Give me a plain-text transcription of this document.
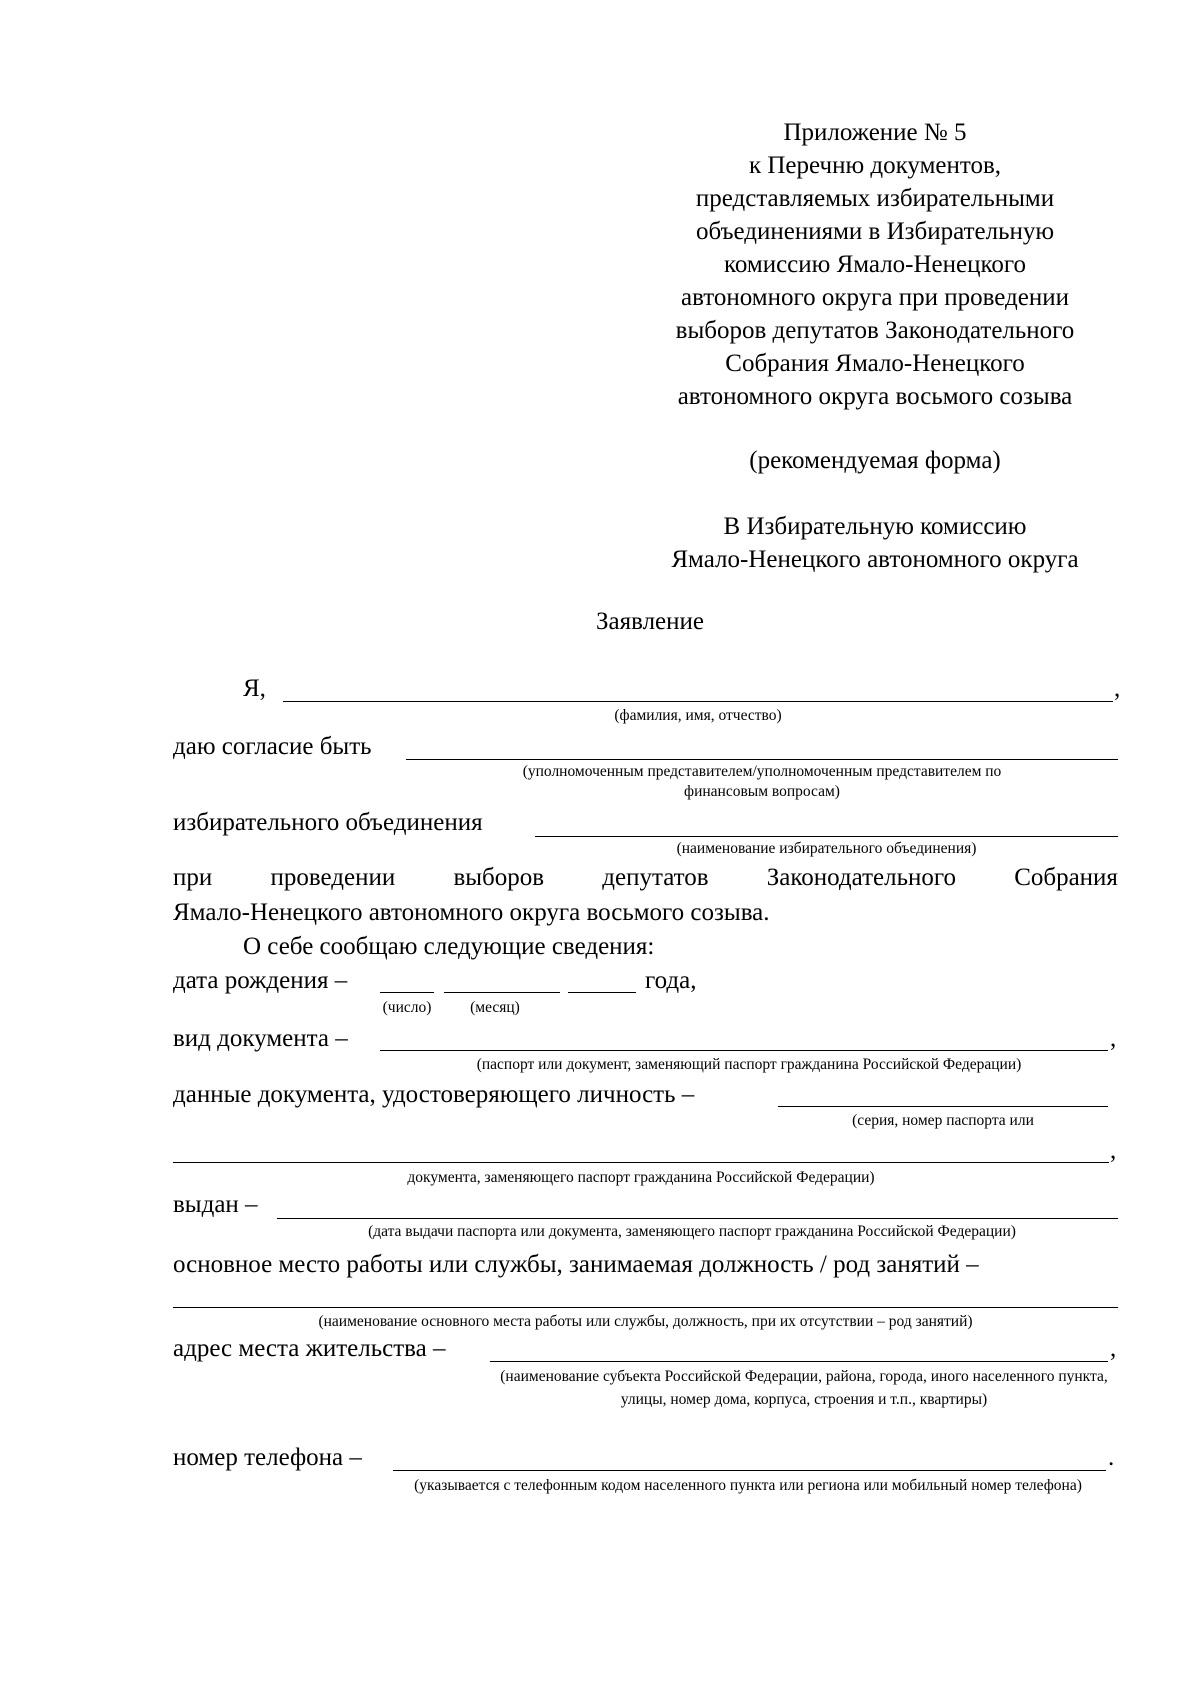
Приложение № 5
к Перечню документов,
представляемых избирательными
объединениями в Избирательную
комиссию Ямало-Ненецкого
автономного округа при проведении
выборов депутатов Законодательного
Собрания Ямало-Ненецкого
автономного округа восьмого созыва
(рекомендуемая форма)
В Избирательную комиссию
Ямало-Ненецкого автономного округа
Заявление
Я,	,
(фамилия, имя, отчество)
даю согласие быть
(уполномоченным представителем/уполномоченным представителем по
финансовым вопросам)
избирательного объединения
(наименование избирательного объединения)
при проведении выборов депутатов Законодательного Собрания
Ямало-Ненецкого автономного округа восьмого созыва.
О себе сообщаю следующие сведения:
дата рождения –	года,
(число)	(месяц)
вид документа –	,
(паспорт или документ, заменяющий паспорт гражданина Российской Федерации)
данные документа, удостоверяющего личность –
(серия, номер паспорта или
,
документа, заменяющего паспорт гражданина Российской Федерации)
выдан –
(дата выдачи паспорта или документа, заменяющего паспорт гражданина Российской Федерации)
основное место работы или службы, занимаемая должность / род занятий –
(наименование основного места работы или службы, должность, при их отсутствии – род занятий)
адрес места жительства –	,
(наименование субъекта Российской Федерации, района, города, иного населенного пункта, улицы, номер дома, корпуса, строения и т.п., квартиры)
номер телефона –	.
(указывается с телефонным кодом населенного пункта или региона или мобильный номер телефона)
